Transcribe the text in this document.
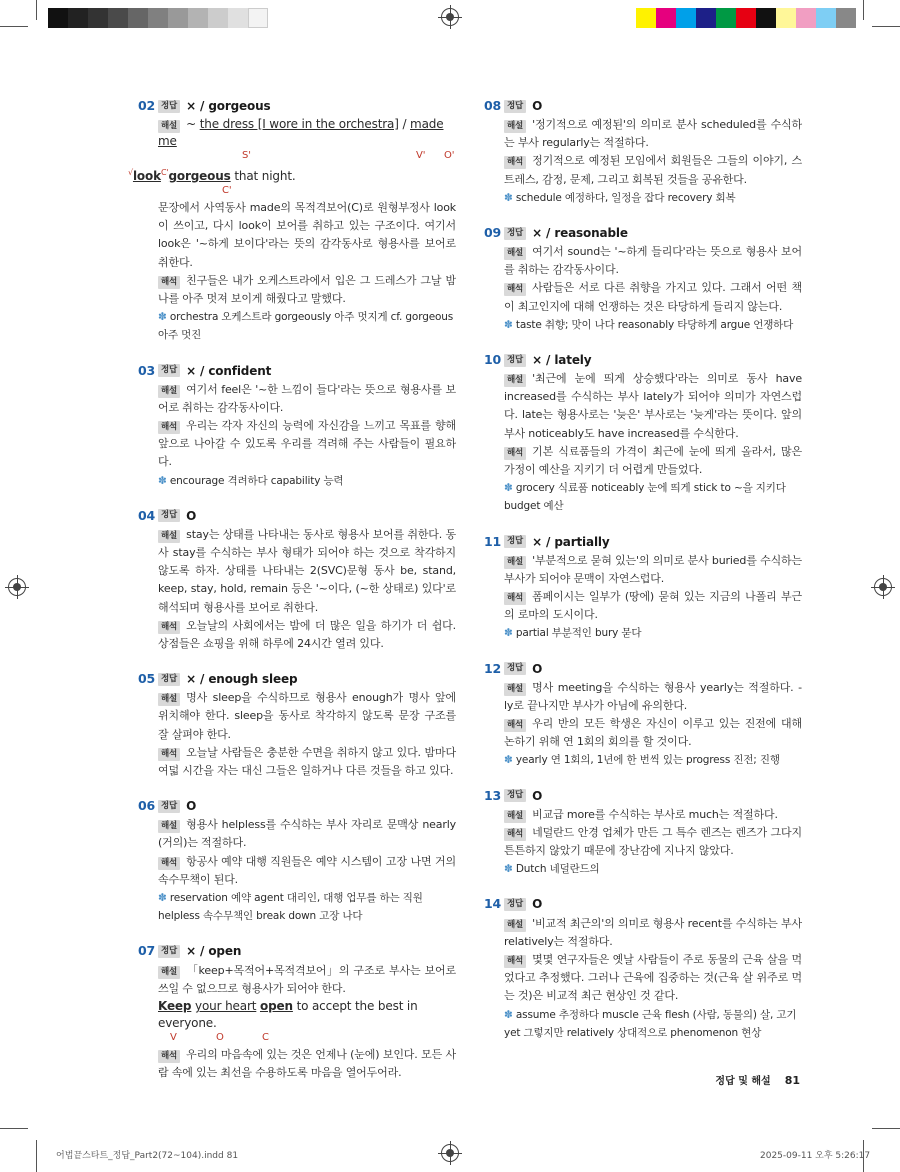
02 정답 × / gorgeous
해설 ~ the dress [I wore in the orchestra] / made me
S'	V' O'
√look$^{C'}$gorgeous that night.
C'
문장에서 사역동사 made의 목적격보어(C)로 원형부정사 look이 쓰이고, 다시 look이 보어를 취하고 있는 구조이다. 여기서 look은 '~하게 보이다'라는 뜻의 감각동사로 형용사를 보어로 취한다.
해석 친구들은 내가 오케스트라에서 입은 그 드레스가 그날 밤 나를 아주 멋져 보이게 해줬다고 말했다.
✽ orchestra 오케스트라 gorgeously 아주 멋지게 cf. gorgeous 아주 멋진
03 정답 × / confident
해설 여기서 feel은 '~한 느낌이 들다'라는 뜻으로 형용사를 보어로 취하는 감각동사이다.
해석 우리는 각자 자신의 능력에 자신감을 느끼고 목표를 향해 앞으로 나아갈 수 있도록 우리를 격려해 주는 사람들이 필요하다.
✽ encourage 격려하다 capability 능력
04 정답 O
해설 stay는 상태를 나타내는 동사로 형용사 보어를 취한다. 동사 stay를 수식하는 부사 형태가 되어야 하는 것으로 착각하지 않도록 하자. 상태를 나타내는 2(SVC)문형 동사 be, stand, keep, stay, hold, remain 등은 '~이다, (~한 상태로) 있다'로 해석되며 형용사를 보어로 취한다.
해석 오늘날의 사회에서는 밤에 더 많은 일을 하기가 더 쉽다. 상점들은 쇼핑을 위해 하루에 24시간 열려 있다.
05 정답 × / enough sleep
해설 명사 sleep을 수식하므로 형용사 enough가 명사 앞에 위치해야 한다. sleep을 동사로 착각하지 않도록 문장 구조를 잘 살펴야 한다.
해석 오늘날 사람들은 충분한 수면을 취하지 않고 있다. 밤마다 여덟 시간을 자는 대신 그들은 일하거나 다른 것들을 하고 있다.
06 정답 O
해설 형용사 helpless를 수식하는 부사 자리로 문맥상 nearly (거의)는 적절하다.
해석 항공사 예약 대행 직원들은 예약 시스템이 고장 나면 거의 속수무책이 된다.
✽ reservation 예약 agent 대리인, 대행 업무를 하는 직원 helpless 속수무책인 break down 고장 나다
07 정답 × / open
해설 「keep+목적어+목적격보어」의 구조로 부사는 보어로 쓰일 수 없으므로 형용사가 되어야 한다.
Keep your heart open to accept the best in everyone.
V	O	C
해석 우리의 마음속에 있는 것은 언제나 (눈에) 보인다. 모든 사람 속에 있는 최선을 수용하도록 마음을 열어두어라.
08 정답 O
해설 '정기적으로 예정된'의 의미로 분사 scheduled를 수식하는 부사 regularly는 적절하다.
해석 정기적으로 예정된 모임에서 회원들은 그들의 이야기, 스트레스, 감정, 문제, 그리고 회복된 것들을 공유한다.
✽ schedule 예정하다, 일정을 잡다 recovery 회복
09 정답 × / reasonable
해설 여기서 sound는 '~하게 들리다'라는 뜻으로 형용사 보어를 취하는 감각동사이다.
해석 사람들은 서로 다른 취향을 가지고 있다. 그래서 어떤 책이 최고인지에 대해 언쟁하는 것은 타당하게 들리지 않는다.
✽ taste 취향; 맛이 나다 reasonably 타당하게 argue 언쟁하다
10 정답 × / lately
해설 '최근에 눈에 띄게 상승했다'라는 의미로 동사 have increased를 수식하는 부사 lately가 되어야 의미가 자연스럽다. late는 형용사로는 '늦은' 부사로는 '늦게'라는 뜻이다. 앞의 부사 noticeably도 have increased를 수식한다.
해석 기본 식료품들의 가격이 최근에 눈에 띄게 올라서, 많은 가정이 예산을 지키기 더 어렵게 만들었다.
✽ grocery 식료품 noticeably 눈에 띄게 stick to ~을 지키다 budget 예산
11 정답 × / partially
해설 '부분적으로 묻혀 있는'의 의미로 분사 buried를 수식하는 부사가 되어야 문맥이 자연스럽다.
해석 폼페이시는 일부가 (땅에) 묻혀 있는 지금의 나폴리 부근의 로마의 도시이다.
✽ partial 부분적인 bury 묻다
12 정답 O
해설 명사 meeting을 수식하는 형용사 yearly는 적절하다. -ly로 끝나지만 부사가 아님에 유의한다.
해석 우리 반의 모든 학생은 자신이 이루고 있는 진전에 대해 논하기 위해 연 1회의 회의를 할 것이다.
✽ yearly 연 1회의, 1년에 한 번씩 있는 progress 진전; 진행
13 정답 O
해설 비교급 more를 수식하는 부사로 much는 적절하다.
해석 네덜란드 안경 업체가 만든 그 특수 렌즈는 렌즈가 그다지 튼튼하지 않았기 때문에 장난감에 지나지 않았다.
✽ Dutch 네덜란드의
14 정답 O
해설 '비교적 최근의'의 의미로 형용사 recent를 수식하는 부사 relatively는 적절하다.
해석 몇몇 연구자들은 옛날 사람들이 주로 동물의 근육 살을 먹었다고 추정했다. 그러나 근육에 집중하는 것(근육 살 위주로 먹는 것)은 비교적 최근 현상인 것 같다.
✽ assume 추정하다 muscle 근육 flesh (사람, 동물의) 살, 고기 yet 그렇지만 relatively 상대적으로 phenomenon 현상
정답 및 해설 81
어법끝스타트_정답_Part2(72~104).indd 81	2025-09-11 오후 5:26:17
